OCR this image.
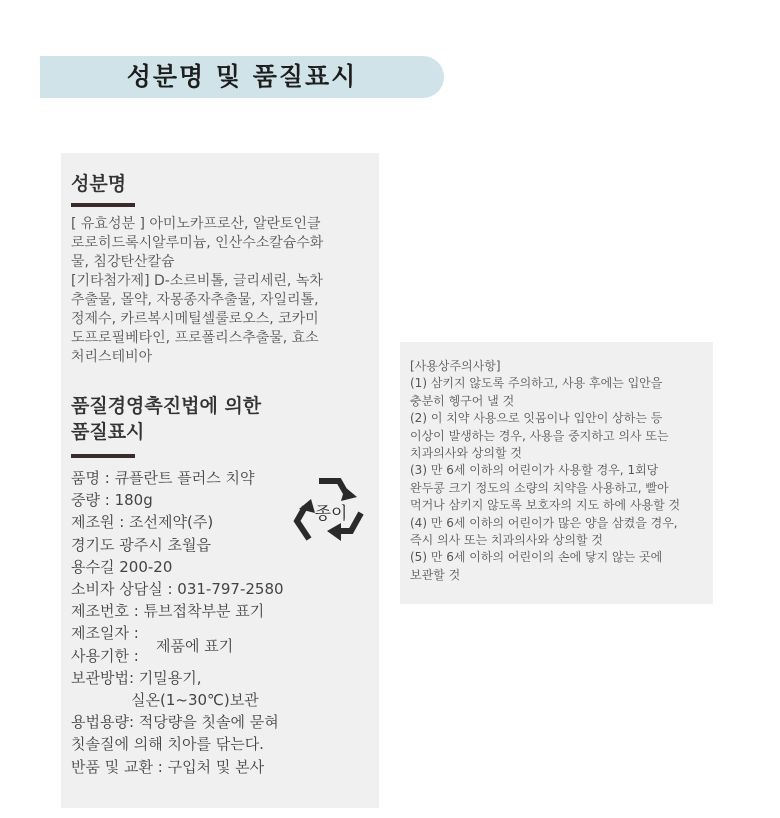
성분명 및 품질표시
성분명
[ 유효성분 ] 아미노카프로산, 알란토인클
로로히드록시알루미늄, 인산수소칼슘수화
물, 침강탄산칼슘
[기타첨가제] D-소르비톨, 글리세린, 녹차
추출물, 몰약, 자몽종자추출물, 자일리톨,
정제수, 카르복시메틸셀룰로오스, 코카미
도프로필베타인, 프로폴리스추출물, 효소
처리스테비아
품질경영촉진법에 의한
품질표시
품명 : 큐플란트 플러스 치약
중량 : 180g
제조원 : 조선제약(주)
경기도 광주시 초월읍
용수길 200-20
소비자 상담실 : 031-797-2580
제조번호 : 튜브접착부분 표기
제조일자 :
사용기한 :
보관방법: 기밀용기,
　　　　실온(1~30℃)보관
용법용량: 적당량을 칫솔에 묻혀
칫솔질에 의해 치아를 닦는다.
반품 및 교환 : 구입처 및 본사
제품에 표기
종이
[사용상주의사항]
(1) 삼키지 않도록 주의하고, 사용 후에는 입안을
충분히 헹구어 낼 것
(2) 이 치약 사용으로 잇몸이나 입안이 상하는 등
이상이 발생하는 경우, 사용을 중지하고 의사 또는
치과의사와 상의할 것
(3) 만 6세 이하의 어린이가 사용할 경우, 1회당
완두콩 크기 정도의 소량의 치약을 사용하고, 빨아
먹거나 삼키지 않도록 보호자의 지도 하에 사용할 것
(4) 만 6세 이하의 어린이가 많은 양을 삼켰을 경우,
즉시 의사 또는 치과의사와 상의할 것
(5) 만 6세 이하의 어린이의 손에 닿지 않는 곳에
보관할 것
